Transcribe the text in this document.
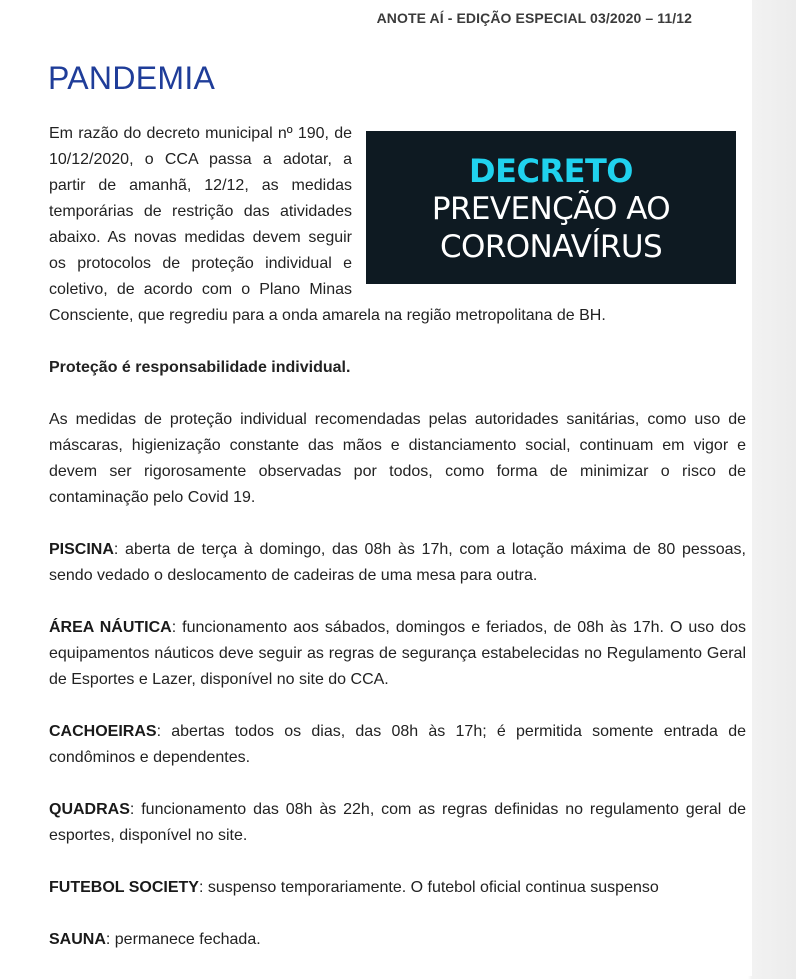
ANOTE AÍ - EDIÇÃO ESPECIAL 03/2020 – 11/12
PANDEMIA
DECRETO
PREVENÇÃO AO
CORONAVÍRUS

Em razão do decreto municipal nº 190, de 10/12/2020, o CCA passa a adotar, a partir de amanhã, 12/12, as medidas temporárias de restrição das atividades abaixo. As novas medidas devem seguir os protocolos de proteção individual e coletivo, de acordo com o Plano Minas Consciente, que regrediu para a onda amarela na região metropolitana de BH.

Proteção é responsabilidade individual.

As medidas de proteção individual recomendadas pelas autoridades sanitárias, como uso de máscaras, higienização constante das mãos e distanciamento social, continuam em vigor e devem ser rigorosamente observadas por todos, como forma de minimizar o risco de contaminação pelo Covid 19.

PISCINA: aberta de terça à domingo, das 08h às 17h, com a lotação máxima de 80 pessoas, sendo vedado o deslocamento de cadeiras de uma mesa para outra.

ÁREA NÁUTICA: funcionamento aos sábados, domingos e feriados, de 08h às 17h. O uso dos equipamentos náuticos deve seguir as regras de segurança estabelecidas no Regulamento Geral de Esportes e Lazer, disponível no site do CCA.

CACHOEIRAS: abertas todos os dias, das 08h às 17h; é permitida somente entrada de condôminos e dependentes.

QUADRAS: funcionamento das 08h às 22h, com as regras definidas no regulamento geral de esportes, disponível no site.

FUTEBOL SOCIETY: suspenso temporariamente. O futebol oficial continua suspenso

SAUNA: permanece fechada.
